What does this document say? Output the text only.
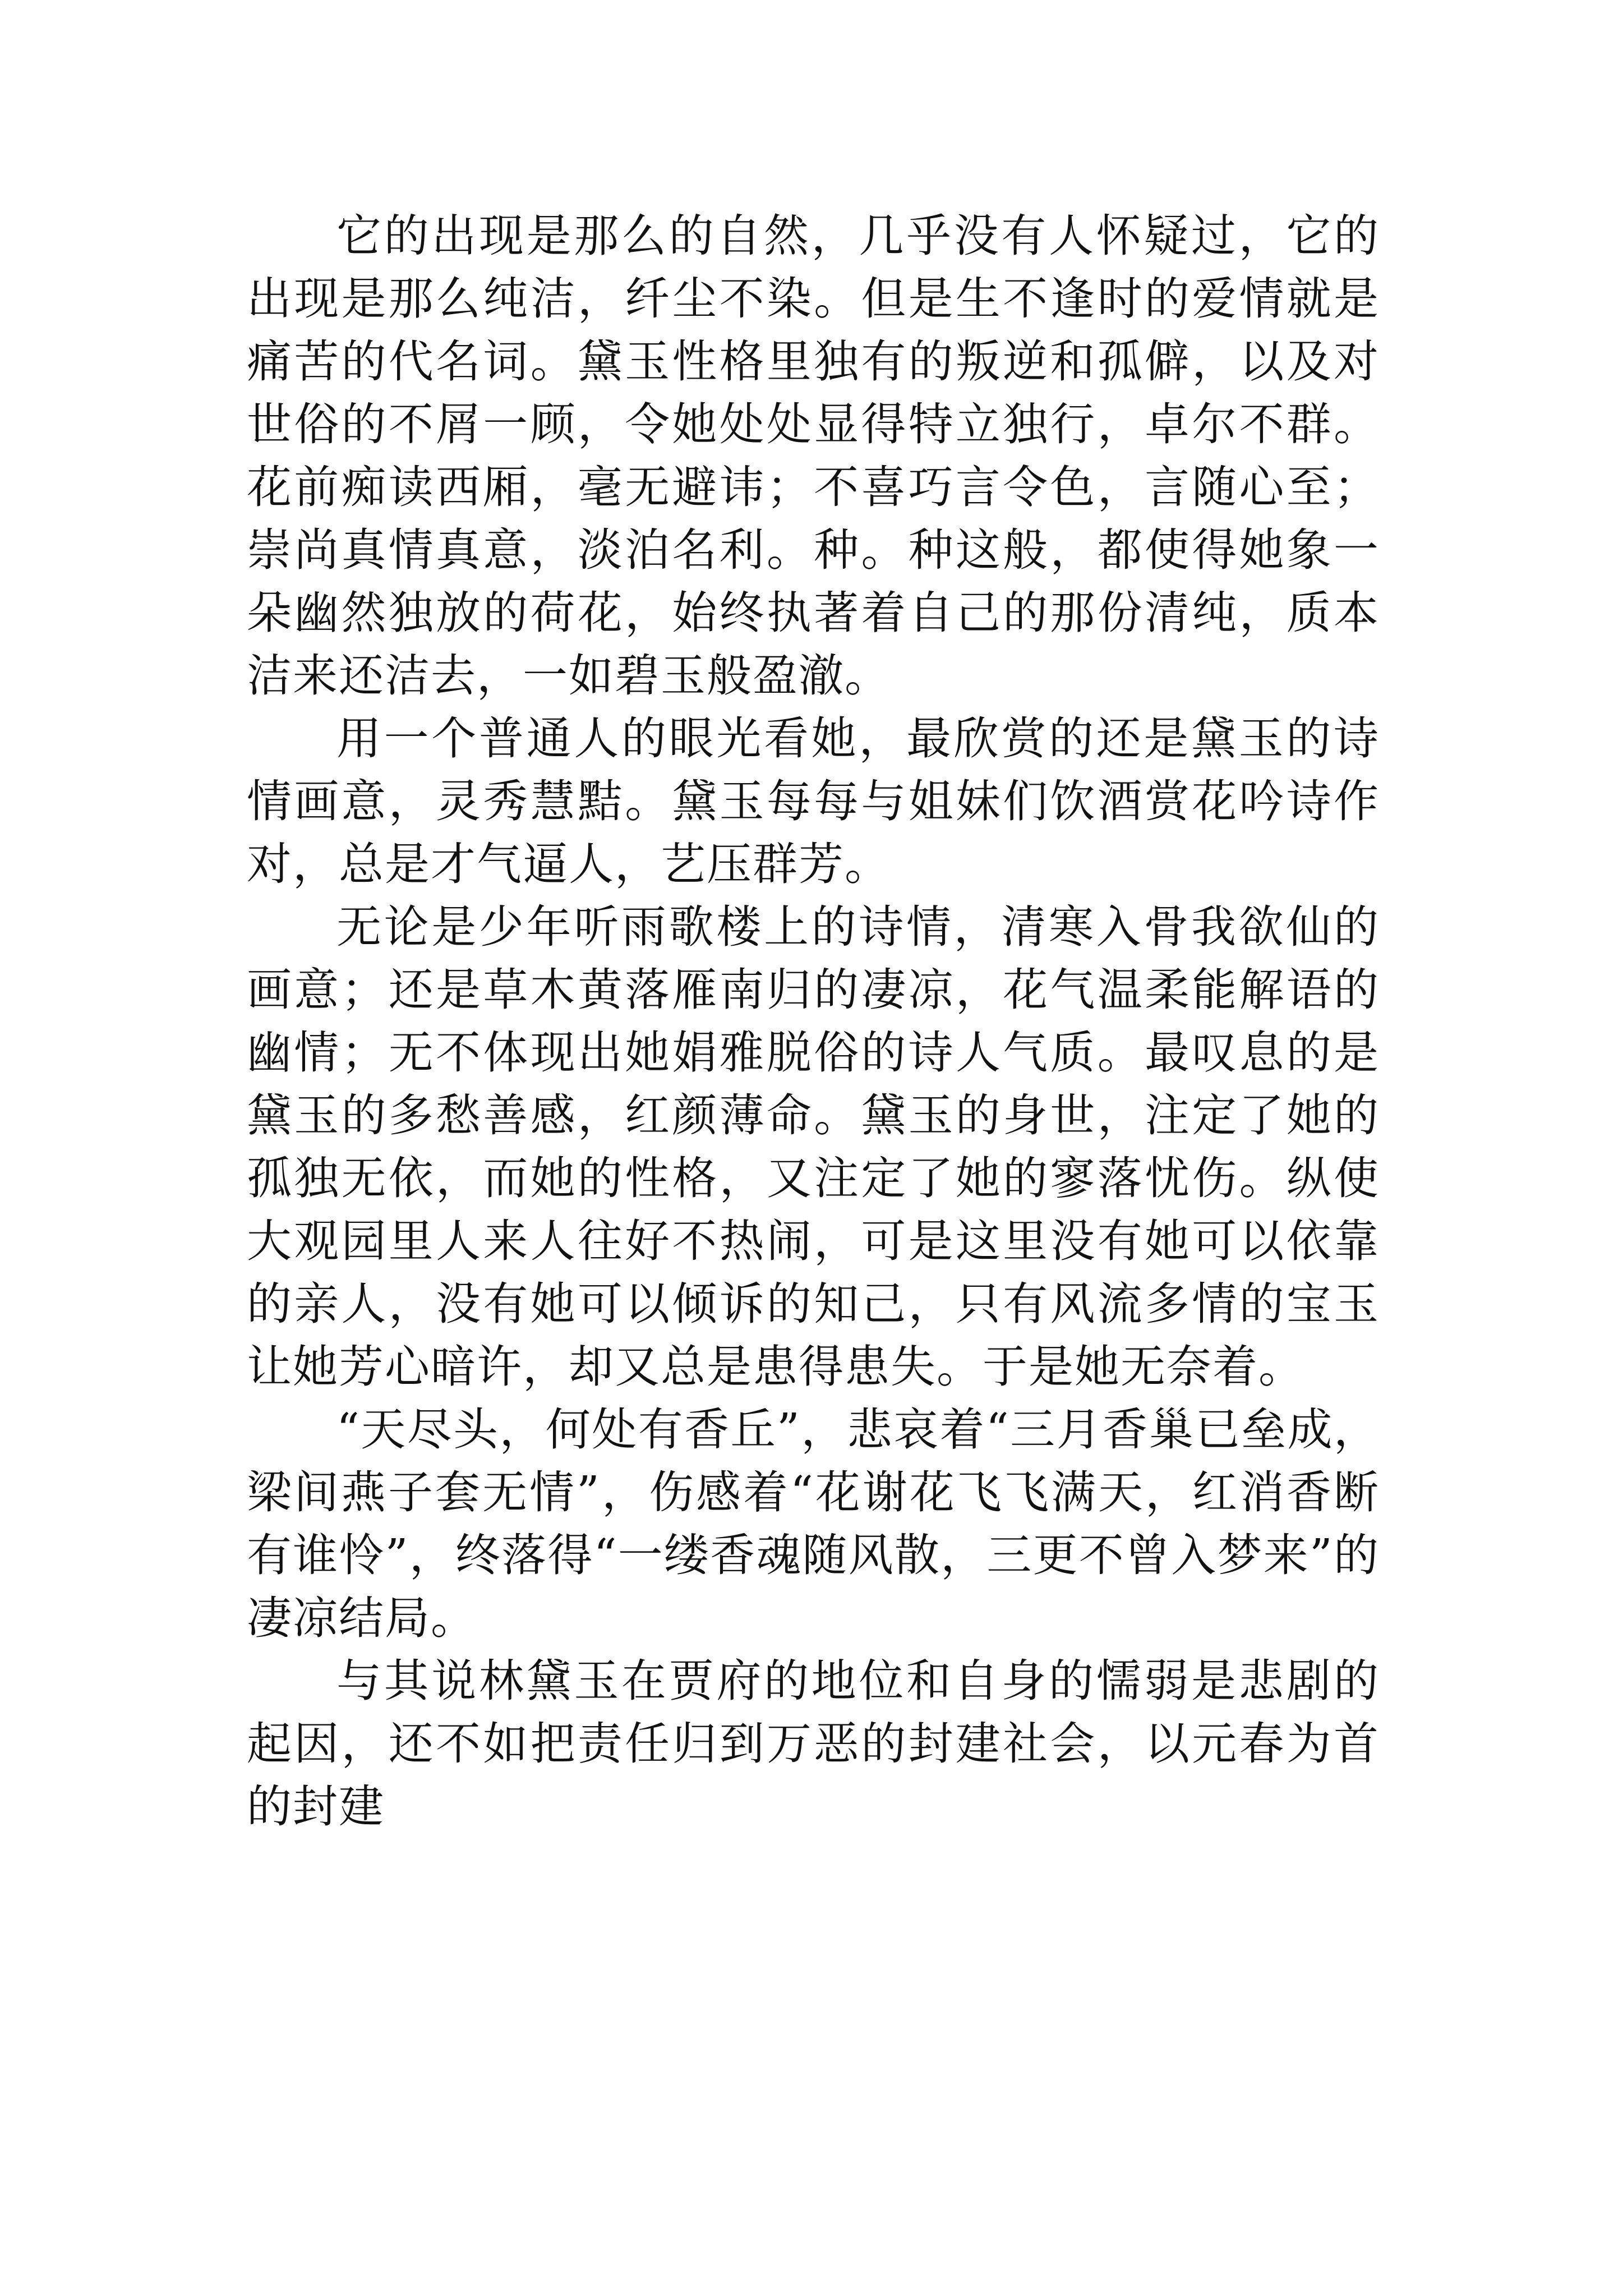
它的出现是那么的自然，几乎没有人怀疑过，它的出现是那么纯洁，纤尘不染。但是生不逢时的爱情就是痛苦的代名词。黛玉性格里独有的叛逆和孤僻，以及对世俗的不屑一顾，令她处处显得特立独行，卓尔不群。花前痴读西厢，毫无避讳；不喜巧言令色，言随心至；崇尚真情真意，淡泊名利。种。种这般，都使得她象一朵幽然独放的荷花，始终执著着自己的那份清纯，质本洁来还洁去，一如碧玉般盈澈。

用一个普通人的眼光看她，最欣赏的还是黛玉的诗情画意，灵秀慧黠。黛玉每每与姐妹们饮酒赏花吟诗作对，总是才气逼人，艺压群芳。

无论是少年听雨歌楼上的诗情，清寒入骨我欲仙的画意；还是草木黄落雁南归的凄凉，花气温柔能解语的幽情；无不体现出她娟雅脱俗的诗人气质。最叹息的是黛玉的多愁善感，红颜薄命。黛玉的身世，注定了她的孤独无依，而她的性格，又注定了她的寥落忧伤。纵使大观园里人来人往好不热闹，可是这里没有她可以依靠的亲人，没有她可以倾诉的知己，只有风流多情的宝玉让她芳心暗许，却又总是患得患失。于是她无奈着。

“天尽头，何处有香丘”，悲哀着“三月香巢已垒成，梁间燕子套无情”，伤感着“花谢花飞飞满天，红消香断有谁怜”，终落得“一缕香魂随风散，三更不曾入梦来”的凄凉结局。

与其说林黛玉在贾府的地位和自身的懦弱是悲剧的起因，还不如把责任归到万恶的封建社会，以元春为首的封建
